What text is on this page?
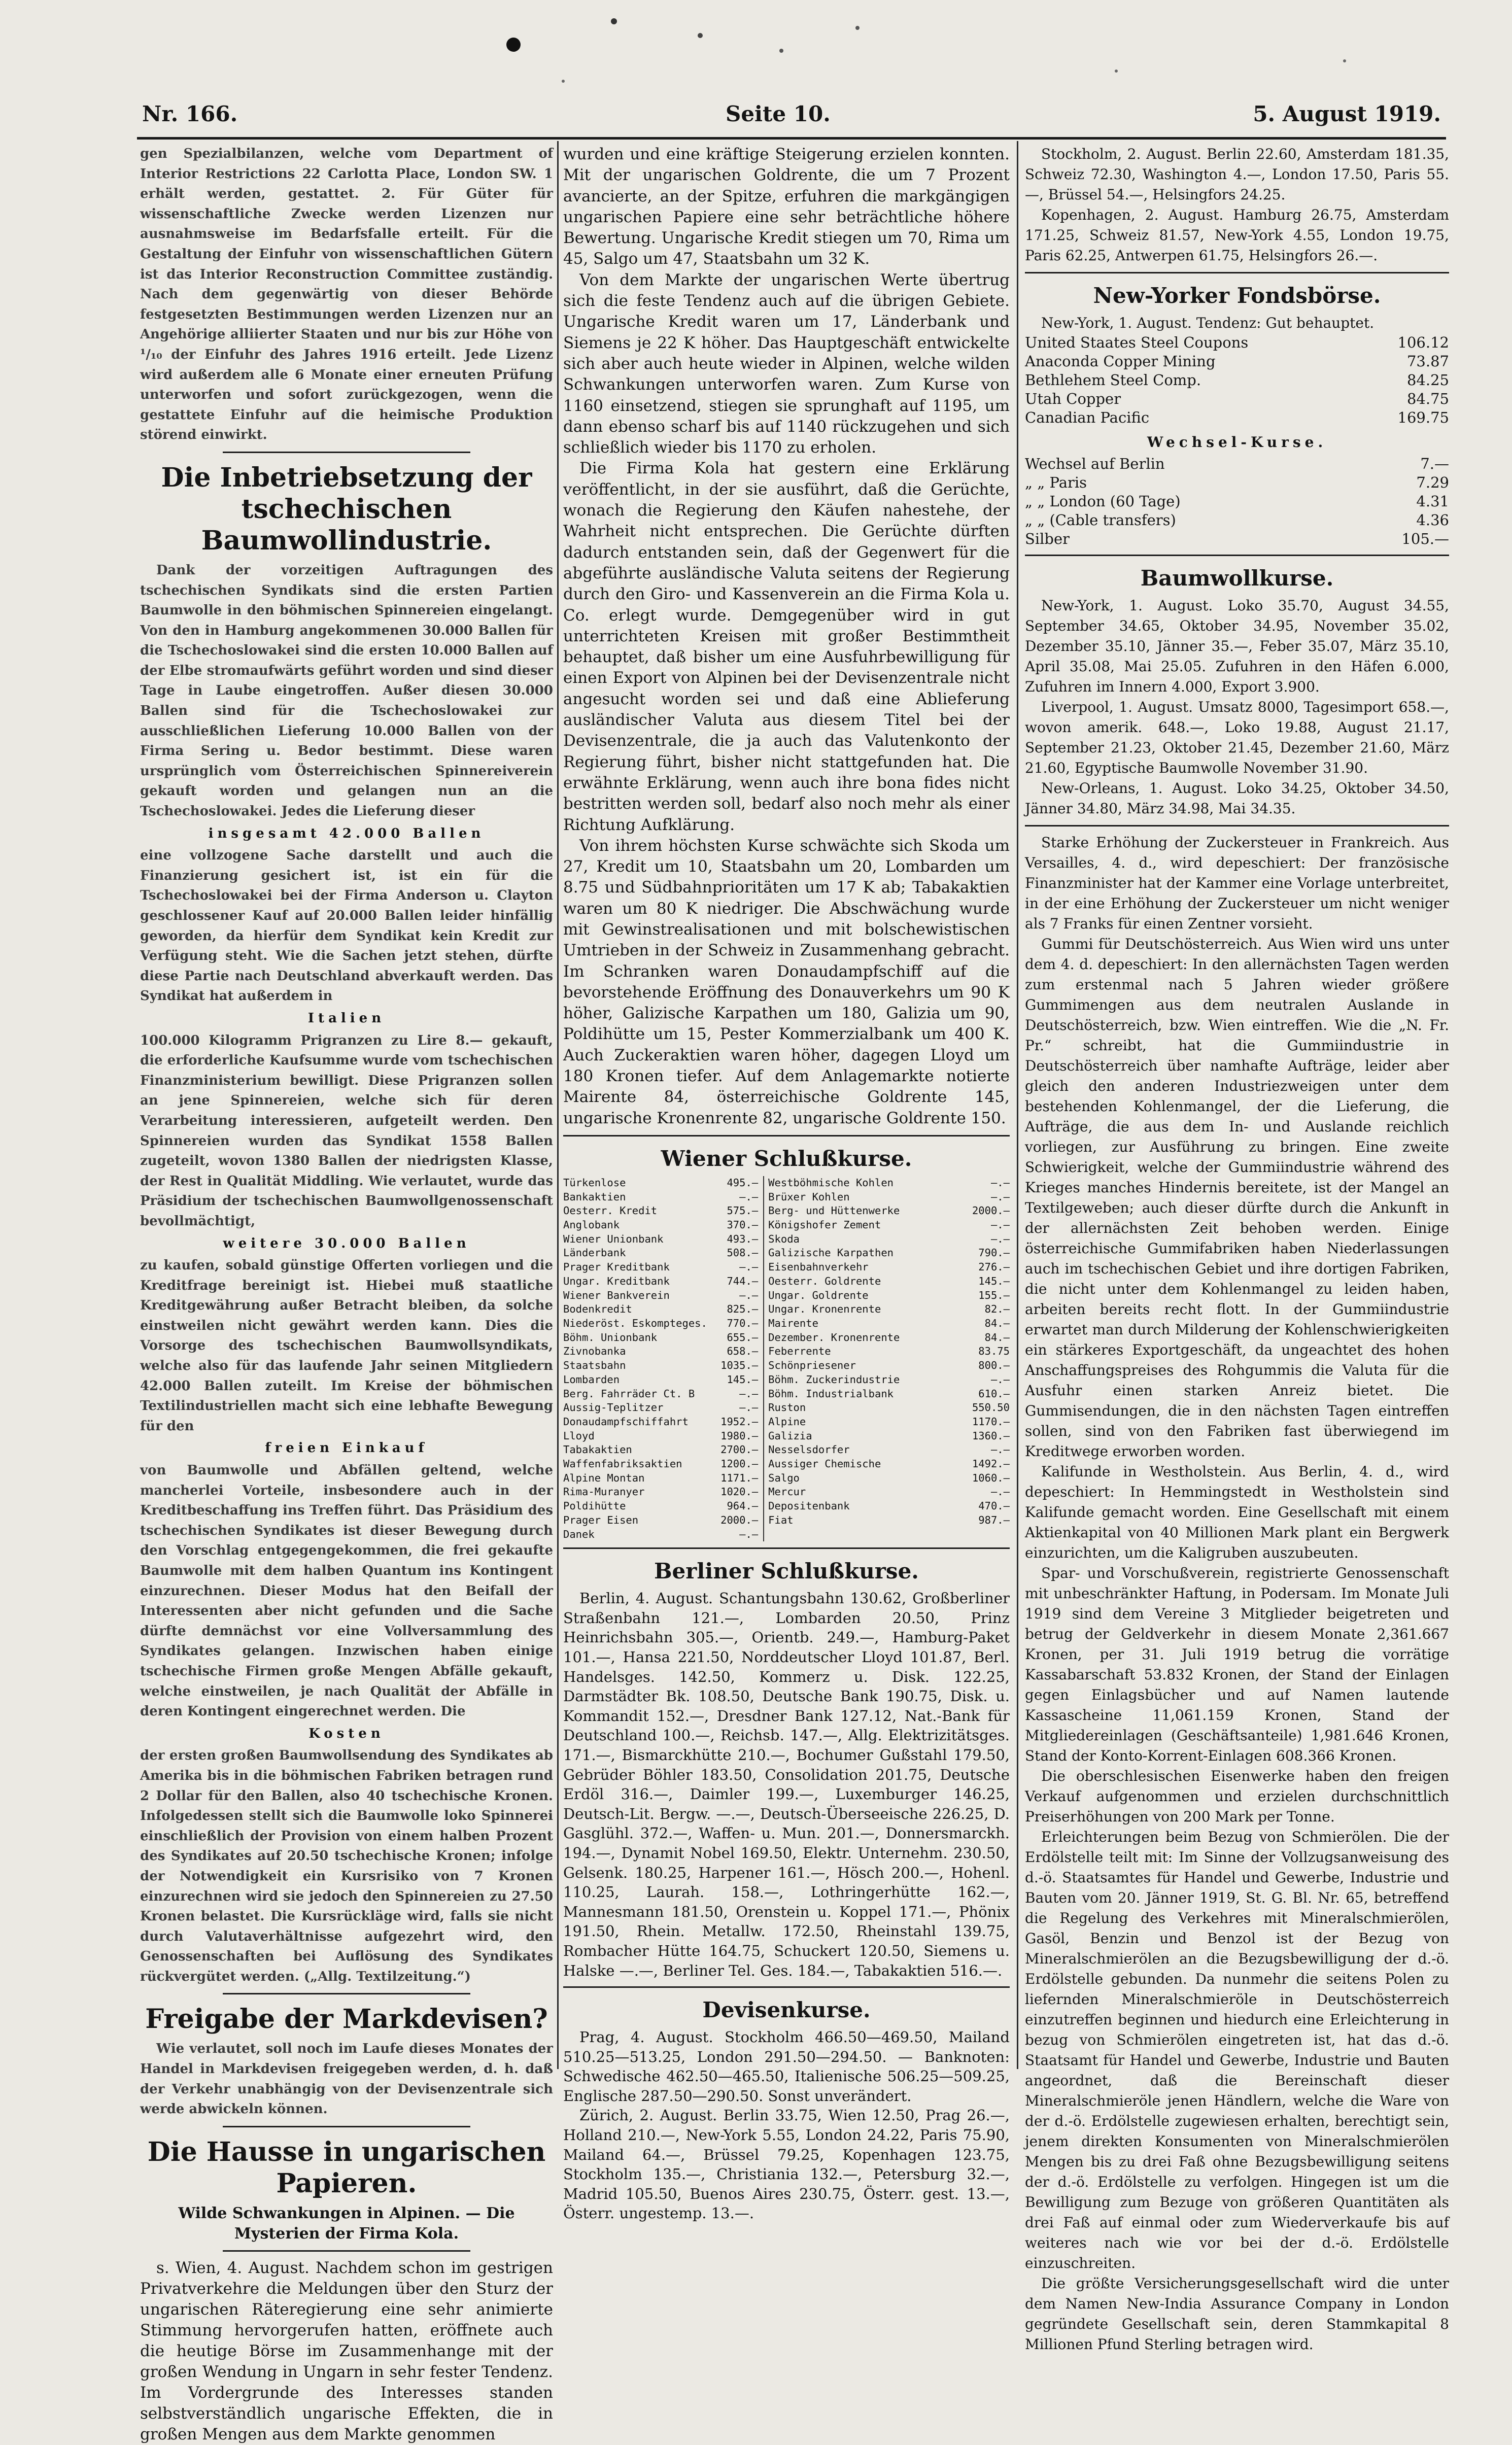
Nr. 166.	Seite 10.	5. August 1919.

gen Spezialbilanzen, welche vom Department of Interior Restrictions 22 Carlotta Place, London SW. 1 erhält werden, gestattet. 2. Für Güter für wissenschaftliche Zwecke werden Lizenzen nur ausnahmsweise im Bedarfsfalle erteilt. Für die Gestaltung der Einfuhr von wissenschaftlichen Gütern ist das Interior Reconstruction Committee zuständig. Nach dem gegenwärtig von dieser Behörde festgesetzten Bestimmungen werden Lizenzen nur an Angehörige alliierter Staaten und nur bis zur Höhe von ¹/₁₀ der Einfuhr des Jahres 1916 erteilt. Jede Lizenz wird außerdem alle 6 Monate einer erneuten Prüfung unterworfen und sofort zurückgezogen, wenn die gestattete Einfuhr auf die heimische Produktion störend einwirkt.

Die Inbetriebsetzung der tschechischen Baumwollindustrie.

Dank der vorzeitigen Auftragungen des tschechischen Syndikats sind die ersten Partien Baumwolle in den böhmischen Spinnereien eingelangt. Von den in Hamburg angekommenen 30.000 Ballen für die Tschechoslowakei sind die ersten 10.000 Ballen auf der Elbe stromaufwärts geführt worden und sind dieser Tage in Laube eingetroffen. Außer diesen 30.000 Ballen sind für die Tschechoslowakei zur ausschließlichen Lieferung 10.000 Ballen von der Firma Sering u. Bedor bestimmt. Diese waren ursprünglich vom Österreichischen Spinnereiverein gekauft worden und gelangen nun an die Tschechoslowakei. Jedes die Lieferung dieser

insgesamt 42.000 Ballen

eine vollzogene Sache darstellt und auch die Finanzierung gesichert ist, ist ein für die Tschechoslowakei bei der Firma Anderson u. Clayton geschlossener Kauf auf 20.000 Ballen leider hinfällig geworden, da hierfür dem Syndikat kein Kredit zur Verfügung steht. Wie die Sachen jetzt stehen, dürfte diese Partie nach Deutschland abverkauft werden. Das Syndikat hat außerdem in

Italien

100.000 Kilogramm Prigranzen zu Lire 8.— gekauft, die erforderliche Kaufsumme wurde vom tschechischen Finanzministerium bewilligt. Diese Prigranzen sollen an jene Spinnereien, welche sich für deren Verarbeitung interessieren, aufgeteilt werden. Den Spinnereien wurden das Syndikat 1558 Ballen zugeteilt, wovon 1380 Ballen der niedrigsten Klasse, der Rest in Qualität Middling. Wie verlautet, wurde das Präsidium der tschechischen Baumwollgenossenschaft bevollmächtigt,

weitere 30.000 Ballen

zu kaufen, sobald günstige Offerten vorliegen und die Kreditfrage bereinigt ist. Hiebei muß staatliche Kreditgewährung außer Betracht bleiben, da solche einstweilen nicht gewährt werden kann. Dies die Vorsorge des tschechischen Baumwollsyndikats, welche also für das laufende Jahr seinen Mitgliedern 42.000 Ballen zuteilt. Im Kreise der böhmischen Textilindustriellen macht sich eine lebhafte Bewegung für den

freien Einkauf

von Baumwolle und Abfällen geltend, welche mancherlei Vorteile, insbesondere auch in der Kreditbeschaffung ins Treffen führt. Das Präsidium des tschechischen Syndikates ist dieser Bewegung durch den Vorschlag entgegengekommen, die frei gekaufte Baumwolle mit dem halben Quantum ins Kontingent einzurechnen. Dieser Modus hat den Beifall der Interessenten aber nicht gefunden und die Sache dürfte demnächst vor eine Vollversammlung des Syndikates gelangen. Inzwischen haben einige tschechische Firmen große Mengen Abfälle gekauft, welche einstweilen, je nach Qualität der Abfälle in deren Kontingent eingerechnet werden. Die

Kosten

der ersten großen Baumwollsendung des Syndikates ab Amerika bis in die böhmischen Fabriken betragen rund 2 Dollar für den Ballen, also 40 tschechische Kronen. Infolgedessen stellt sich die Baumwolle loko Spinnerei einschließlich der Provision von einem halben Prozent des Syndikates auf 20.50 tschechische Kronen; infolge der Notwendigkeit ein Kursrisiko von 7 Kronen einzurechnen wird sie jedoch den Spinnereien zu 27.50 Kronen belastet. Die Kursrückläge wird, falls sie nicht durch Valutaverhältnisse aufgezehrt wird, den Genossenschaften bei Auflösung des Syndikates rückvergütet werden. („Allg. Textilzeitung.“)

Freigabe der Markdevisen?

Wie verlautet, soll noch im Laufe dieses Monates der Handel in Markdevisen freigegeben werden, d. h. daß der Verkehr unabhängig von der Devisenzentrale sich werde abwickeln können.

Die Hausse in ungarischen Papieren.
Wilde Schwankungen in Alpinen. — Die Mysterien der Firma Kola.

s. Wien, 4. August. Nachdem schon im gestrigen Privatverkehre die Meldungen über den Sturz der ungarischen Räteregierung eine sehr animierte Stimmung hervorgerufen hatten, eröffnete auch die heutige Börse im Zusammenhange mit der großen Wendung in Ungarn in sehr fester Tendenz. Im Vordergrunde des Interesses standen selbstverständlich ungarische Effekten, die in großen Mengen aus dem Markte genommen

wurden und eine kräftige Steigerung erzielen konnten. Mit der ungarischen Goldrente, die um 7 Prozent avancierte, an der Spitze, erfuhren die markgängigen ungarischen Papiere eine sehr beträchtliche höhere Bewertung. Ungarische Kredit stiegen um 70, Rima um 45, Salgo um 47, Staatsbahn um 32 K.

Von dem Markte der ungarischen Werte übertrug sich die feste Tendenz auch auf die übrigen Gebiete. Ungarische Kredit waren um 17, Länderbank und Siemens je 22 K höher. Das Hauptgeschäft entwickelte sich aber auch heute wieder in Alpinen, welche wilden Schwankungen unterworfen waren. Zum Kurse von 1160 einsetzend, stiegen sie sprunghaft auf 1195, um dann ebenso scharf bis auf 1140 rückzugehen und sich schließlich wieder bis 1170 zu erholen.

Die Firma Kola hat gestern eine Erklärung veröffentlicht, in der sie ausführt, daß die Gerüchte, wonach die Regierung den Käufen nahestehe, der Wahrheit nicht entsprechen. Die Gerüchte dürften dadurch entstanden sein, daß der Gegenwert für die abgeführte ausländische Valuta seitens der Regierung durch den Giro- und Kassenverein an die Firma Kola u. Co. erlegt wurde. Demgegenüber wird in gut unterrichteten Kreisen mit großer Bestimmtheit behauptet, daß bisher um eine Ausfuhrbewilligung für einen Export von Alpinen bei der Devisenzentrale nicht angesucht worden sei und daß eine Ablieferung ausländischer Valuta aus diesem Titel bei der Devisenzentrale, die ja auch das Valutenkonto der Regierung führt, bisher nicht stattgefunden hat. Die erwähnte Erklärung, wenn auch ihre bona fides nicht bestritten werden soll, bedarf also noch mehr als einer Richtung Aufklärung.

Von ihrem höchsten Kurse schwächte sich Skoda um 27, Kredit um 10, Staatsbahn um 20, Lombarden um 8.75 und Südbahnprioritäten um 17 K ab; Tabakaktien waren um 80 K niedriger. Die Abschwächung wurde mit Gewinstrealisationen und mit bolschewistischen Umtrieben in der Schweiz in Zusammenhang gebracht. Im Schranken waren Donaudampfschiff auf die bevorstehende Eröffnung des Donauverkehrs um 90 K höher, Galizische Karpathen um 180, Galizia um 90, Poldihütte um 15, Pester Kommerzialbank um 400 K. Auch Zuckeraktien waren höher, dagegen Lloyd um 180 Kronen tiefer. Auf dem Anlagemarkte notierte Mairente 84, österreichische Goldrente 145, ungarische Kronenrente 82, ungarische Goldrente 150.

Wiener Schlußkurse.
Türkenlose	495.—	Westböhmische Kohlen	—.—
Bankaktien	—.—	Brüxer Kohlen	—.—
Oesterr. Kredit	575.—	Berg- und Hüttenwerke	2000.—
Anglobank	370.—	Königshofer Zement	—.—
Wiener Unionbank	493.—	Skoda	—.—
Länderbank	508.—	Galizische Karpathen	790.—
Prager Kreditbank	—.—	Eisenbahnverkehr	276.—
Ungar. Kreditbank	744.—	Oesterr. Goldrente	145.—
Wiener Bankverein	—.—	Ungar. Goldrente	155.—
Bodenkredit	825.—	Ungar. Kronenrente	82.—
Niederöst. Eskompteges.	770.—	Mairente	84.—
Böhm. Unionbank	655.—	Dezember. Kronenrente	84.—
Zivnobanka	658.—	Feberrente	83.75
Staatsbahn	1035.—	Schönpriesener	800.—
Lombarden	145.—	Böhm. Zuckerindustrie	—.—
Berg. Fahrräder Ct. B	—.—	Böhm. Industrialbank	610.—
Aussig-Teplitzer	—.—	Ruston	550.50
Donaudampfschiffahrt	1952.—	Alpine	1170.—
Lloyd	1980.—	Galizia	1360.—
Tabakaktien	2700.—	Nesselsdorfer	—.—
Waffenfabriksaktien	1200.—	Aussiger Chemische	1492.—
Alpine Montan	1171.—	Salgo	1060.—
Rima-Muranyer	1020.—	Mercur	—.—
Poldihütte	964.—	Depositenbank	470.—
Prager Eisen	2000.—	Fiat	987.—
Danek	—.—		
Berliner Schlußkurse.

Berlin, 4. August. Schantungsbahn 130.62, Großberliner Straßenbahn 121.—, Lombarden 20.50, Prinz Heinrichsbahn 305.—, Orientb. 249.—, Hamburg-Paket 101.—, Hansa 221.50, Norddeutscher Lloyd 101.87, Berl. Handelsges. 142.50, Kommerz u. Disk. 122.25, Darmstädter Bk. 108.50, Deutsche Bank 190.75, Disk. u. Kommandit 152.—, Dresdner Bank 127.12, Nat.-Bank für Deutschland 100.—, Reichsb. 147.—, Allg. Elektrizitätsges. 171.—, Bismarckhütte 210.—, Bochumer Gußstahl 179.50, Gebrüder Böhler 183.50, Consolidation 201.75, Deutsche Erdöl 316.—, Daimler 199.—, Luxemburger 146.25, Deutsch-Lit. Bergw. —.—, Deutsch-Überseeische 226.25, D. Gasglühl. 372.—, Waffen- u. Mun. 201.—, Donnersmarckh. 194.—, Dynamit Nobel 169.50, Elektr. Unternehm. 230.50, Gelsenk. 180.25, Harpener 161.—, Hösch 200.—, Hohenl. 110.25, Laurah. 158.—, Lothringerhütte 162.—, Mannesmann 181.50, Orenstein u. Koppel 171.—, Phönix 191.50, Rhein. Metallw. 172.50, Rheinstahl 139.75, Rombacher Hütte 164.75, Schuckert 120.50, Siemens u. Halske —.—, Berliner Tel. Ges. 184.—, Tabakaktien 516.—.

Devisenkurse.

Prag, 4. August. Stockholm 466.50—469.50, Mailand 510.25—513.25, London 291.50—294.50. — Banknoten: Schwedische 462.50—465.50, Italienische 506.25—509.25, Englische 287.50—290.50. Sonst unverändert.

Zürich, 2. August. Berlin 33.75, Wien 12.50, Prag 26.—, Holland 210.—, New-York 5.55, London 24.22, Paris 75.90, Mailand 64.—, Brüssel 79.25, Kopenhagen 123.75, Stockholm 135.—, Christiania 132.—, Petersburg 32.—, Madrid 105.50, Buenos Aires 230.75, Österr. gest. 13.—, Österr. ungestemp. 13.—.

Stockholm, 2. August. Berlin 22.60, Amsterdam 181.35, Schweiz 72.30, Washington 4.—, London 17.50, Paris 55.—, Brüssel 54.—, Helsingfors 24.25.

Kopenhagen, 2. August. Hamburg 26.75, Amsterdam 171.25, Schweiz 81.57, New-York 4.55, London 19.75, Paris 62.25, Antwerpen 61.75, Helsingfors 26.—.

New-Yorker Fondsbörse.

New-York, 1. August. Tendenz: Gut behauptet.

United Staates Steel Coupons	106.12
Anaconda Copper Mining	73.87
Bethlehem Steel Comp.	84.25
Utah Copper	84.75
Canadian Pacific	169.75
Wechsel-Kurse.
Wechsel auf Berlin	7.—
„ „ Paris	7.29
„ „ London (60 Tage)	4.31
„ „ (Cable transfers)	4.36
Silber	105.—
Baumwollkurse.

New-York, 1. August. Loko 35.70, August 34.55, September 34.65, Oktober 34.95, November 35.02, Dezember 35.10, Jänner 35.—, Feber 35.07, März 35.10, April 35.08, Mai 25.05. Zufuhren in den Häfen 6.000, Zufuhren im Innern 4.000, Export 3.900.

Liverpool, 1. August. Umsatz 8000, Tagesimport 658.—, wovon amerik. 648.—, Loko 19.88, August 21.17, September 21.23, Oktober 21.45, Dezember 21.60, März 21.60, Egyptische Baumwolle November 31.90.

New-Orleans, 1. August. Loko 34.25, Oktober 34.50, Jänner 34.80, März 34.98, Mai 34.35.

Starke Erhöhung der Zuckersteuer in Frankreich. Aus Versailles, 4. d., wird depeschiert: Der französische Finanzminister hat der Kammer eine Vorlage unterbreitet, in der eine Erhöhung der Zuckersteuer um nicht weniger als 7 Franks für einen Zentner vorsieht.

Gummi für Deutschösterreich. Aus Wien wird uns unter dem 4. d. depeschiert: In den allernächsten Tagen werden zum erstenmal nach 5 Jahren wieder größere Gummimengen aus dem neutralen Auslande in Deutschösterreich, bzw. Wien eintreffen. Wie die „N. Fr. Pr.“ schreibt, hat die Gummiindustrie in Deutschösterreich über namhafte Aufträge, leider aber gleich den anderen Industriezweigen unter dem bestehenden Kohlenmangel, der die Lieferung, die Aufträge, die aus dem In- und Auslande reichlich vorliegen, zur Ausführung zu bringen. Eine zweite Schwierigkeit, welche der Gummiindustrie während des Krieges manches Hindernis bereitete, ist der Mangel an Textilgeweben; auch dieser dürfte durch die Ankunft in der allernächsten Zeit behoben werden. Einige österreichische Gummifabriken haben Niederlassungen auch im tschechischen Gebiet und ihre dortigen Fabriken, die nicht unter dem Kohlenmangel zu leiden haben, arbeiten bereits recht flott. In der Gummiindustrie erwartet man durch Milderung der Kohlenschwierigkeiten ein stärkeres Exportgeschäft, da ungeachtet des hohen Anschaffungspreises des Rohgummis die Valuta für die Ausfuhr einen starken Anreiz bietet. Die Gummisendungen, die in den nächsten Tagen eintreffen sollen, sind von den Fabriken fast überwiegend im Kreditwege erworben worden.

Kalifunde in Westholstein. Aus Berlin, 4. d., wird depeschiert: In Hemmingstedt in Westholstein sind Kalifunde gemacht worden. Eine Gesellschaft mit einem Aktienkapital von 40 Millionen Mark plant ein Bergwerk einzurichten, um die Kaligruben auszubeuten.

Spar- und Vorschußverein, registrierte Genossenschaft mit unbeschränkter Haftung, in Podersam. Im Monate Juli 1919 sind dem Vereine 3 Mitglieder beigetreten und betrug der Geldverkehr in diesem Monate 2,361.667 Kronen, per 31. Juli 1919 betrug die vorrätige Kassabarschaft 53.832 Kronen, der Stand der Einlagen gegen Einlagsbücher und auf Namen lautende Kassascheine 11,061.159 Kronen, Stand der Mitgliedereinlagen (Geschäftsanteile) 1,981.646 Kronen, Stand der Konto-Korrent-Einlagen 608.366 Kronen.

Die oberschlesischen Eisenwerke haben den freigen Verkauf aufgenommen und erzielen durchschnittlich Preiserhöhungen von 200 Mark per Tonne.

Erleichterungen beim Bezug von Schmierölen. Die der Erdölstelle teilt mit: Im Sinne der Vollzugsanweisung des d.-ö. Staatsamtes für Handel und Gewerbe, Industrie und Bauten vom 20. Jänner 1919, St. G. Bl. Nr. 65, betreffend die Regelung des Verkehres mit Mineralschmierölen, Gasöl, Benzin und Benzol ist der Bezug von Mineralschmierölen an die Bezugsbewilligung der d.-ö. Erdölstelle gebunden. Da nunmehr die seitens Polen zu liefernden Mineralschmieröle in Deutschösterreich einzutreffen beginnen und hiedurch eine Erleichterung in bezug von Schmierölen eingetreten ist, hat das d.-ö. Staatsamt für Handel und Gewerbe, Industrie und Bauten angeordnet, daß die Bereinschaft dieser Mineralschmieröle jenen Händlern, welche die Ware von der d.-ö. Erdölstelle zugewiesen erhalten, berechtigt sein, jenem direkten Konsumenten von Mineralschmierölen Mengen bis zu drei Faß ohne Bezugsbewilligung seitens der d.-ö. Erdölstelle zu verfolgen. Hingegen ist um die Bewilligung zum Bezuge von größeren Quantitäten als drei Faß auf einmal oder zum Wiederverkaufe bis auf weiteres nach wie vor bei der d.-ö. Erdölstelle einzuschreiten.

Die größte Versicherungsgesellschaft wird die unter dem Namen New-India Assurance Company in London gegründete Gesellschaft sein, deren Stammkapital 8 Millionen Pfund Sterling betragen wird.
